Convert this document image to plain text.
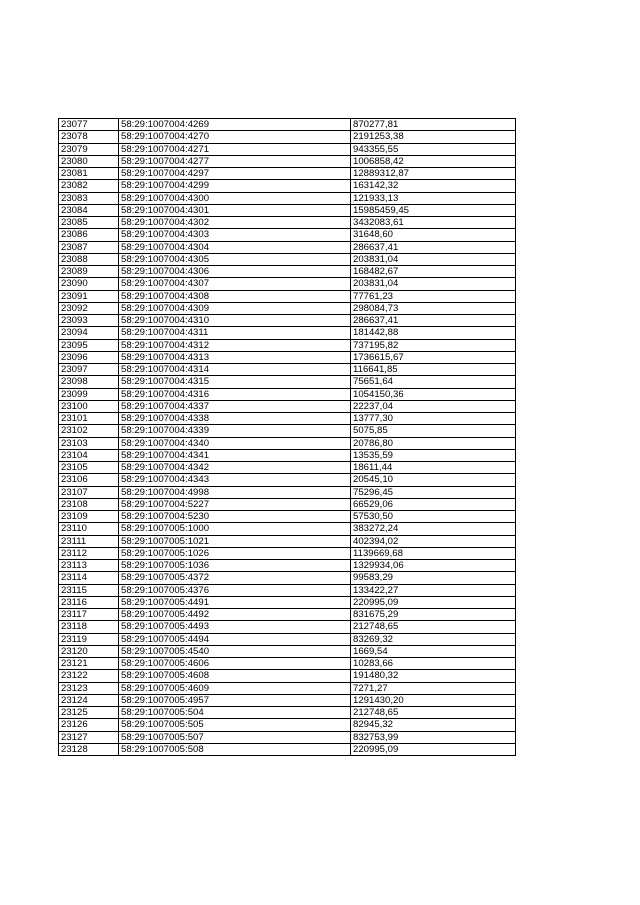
23077	58:29:1007004:4269	870277,81
23078	58:29:1007004:4270	2191253,38
23079	58:29:1007004:4271	943355,55
23080	58:29:1007004:4277	1006858,42
23081	58:29:1007004:4297	12889312,87
23082	58:29:1007004:4299	163142,32
23083	58:29:1007004:4300	121933,13
23084	58:29:1007004:4301	15985459,45
23085	58:29:1007004:4302	3432083,61
23086	58:29:1007004:4303	31648,60
23087	58:29:1007004:4304	286637,41
23088	58:29:1007004:4305	203831,04
23089	58:29:1007004:4306	168482,67
23090	58:29:1007004:4307	203831,04
23091	58:29:1007004:4308	77761,23
23092	58:29:1007004:4309	298084,73
23093	58:29:1007004:4310	286637,41
23094	58:29:1007004:4311	181442,88
23095	58:29:1007004:4312	737195,82
23096	58:29:1007004:4313	1736615,67
23097	58:29:1007004:4314	116641,85
23098	58:29:1007004:4315	75651,64
23099	58:29:1007004:4316	1054150,36
23100	58:29:1007004:4337	22237,04
23101	58:29:1007004:4338	13777,30
23102	58:29:1007004:4339	5075,85
23103	58:29:1007004:4340	20786,80
23104	58:29:1007004:4341	13535,59
23105	58:29:1007004:4342	18611,44
23106	58:29:1007004:4343	20545,10
23107	58:29:1007004:4998	75296,45
23108	58:29:1007004:5227	66529,06
23109	58:29:1007004:5230	57530,50
23110	58:29:1007005:1000	383272,24
23111	58:29:1007005:1021	402394,02
23112	58:29:1007005:1026	1139669,68
23113	58:29:1007005:1036	1329934,06
23114	58:29:1007005:4372	99583,29
23115	58:29:1007005:4376	133422,27
23116	58:29:1007005:4491	220995,09
23117	58:29:1007005:4492	831675,29
23118	58:29:1007005:4493	212748,65
23119	58:29:1007005:4494	83269,32
23120	58:29:1007005:4540	1669,54
23121	58:29:1007005:4606	10283,66
23122	58:29:1007005:4608	191480,32
23123	58:29:1007005:4609	7271,27
23124	58:29:1007005:4957	1291430,20
23125	58:29:1007005:504	212748,65
23126	58:29:1007005:505	82945,32
23127	58:29:1007005:507	832753,99
23128	58:29:1007005:508	220995,09
